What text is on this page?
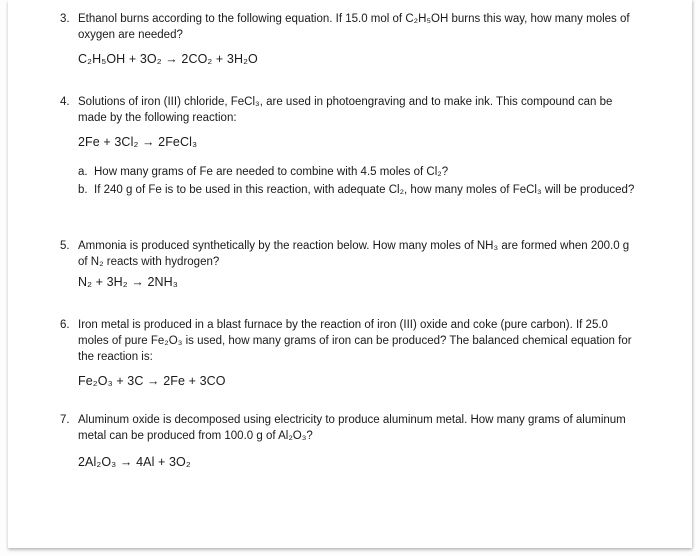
3. Ethanol burns according to the following equation. If 15.0 mol of C₂H₅OH burns this way, how many moles of oxygen are needed?
C₂H₅OH + 3O₂ → 2CO₂ + 3H₂O
4. Solutions of iron (III) chloride, FeCl₃, are used in photoengraving and to make ink. This compound can be made by the following reaction:
2Fe + 3Cl₂ → 2FeCl₃
a. How many grams of Fe are needed to combine with 4.5 moles of Cl₂?
b. If 240 g of Fe is to be used in this reaction, with adequate Cl₂, how many moles of FeCl₃ will be produced?
5. Ammonia is produced synthetically by the reaction below. How many moles of NH₃ are formed when 200.0 g of N₂ reacts with hydrogen?
N₂ + 3H₂ → 2NH₃
6. Iron metal is produced in a blast furnace by the reaction of iron (III) oxide and coke (pure carbon). If 25.0 moles of pure Fe₂O₃ is used, how many grams of iron can be produced? The balanced chemical equation for the reaction is:
Fe₂O₃ + 3C → 2Fe + 3CO
7. Aluminum oxide is decomposed using electricity to produce aluminum metal. How many grams of aluminum metal can be produced from 100.0 g of Al₂O₃?
2Al₂O₃ → 4Al + 3O₂
